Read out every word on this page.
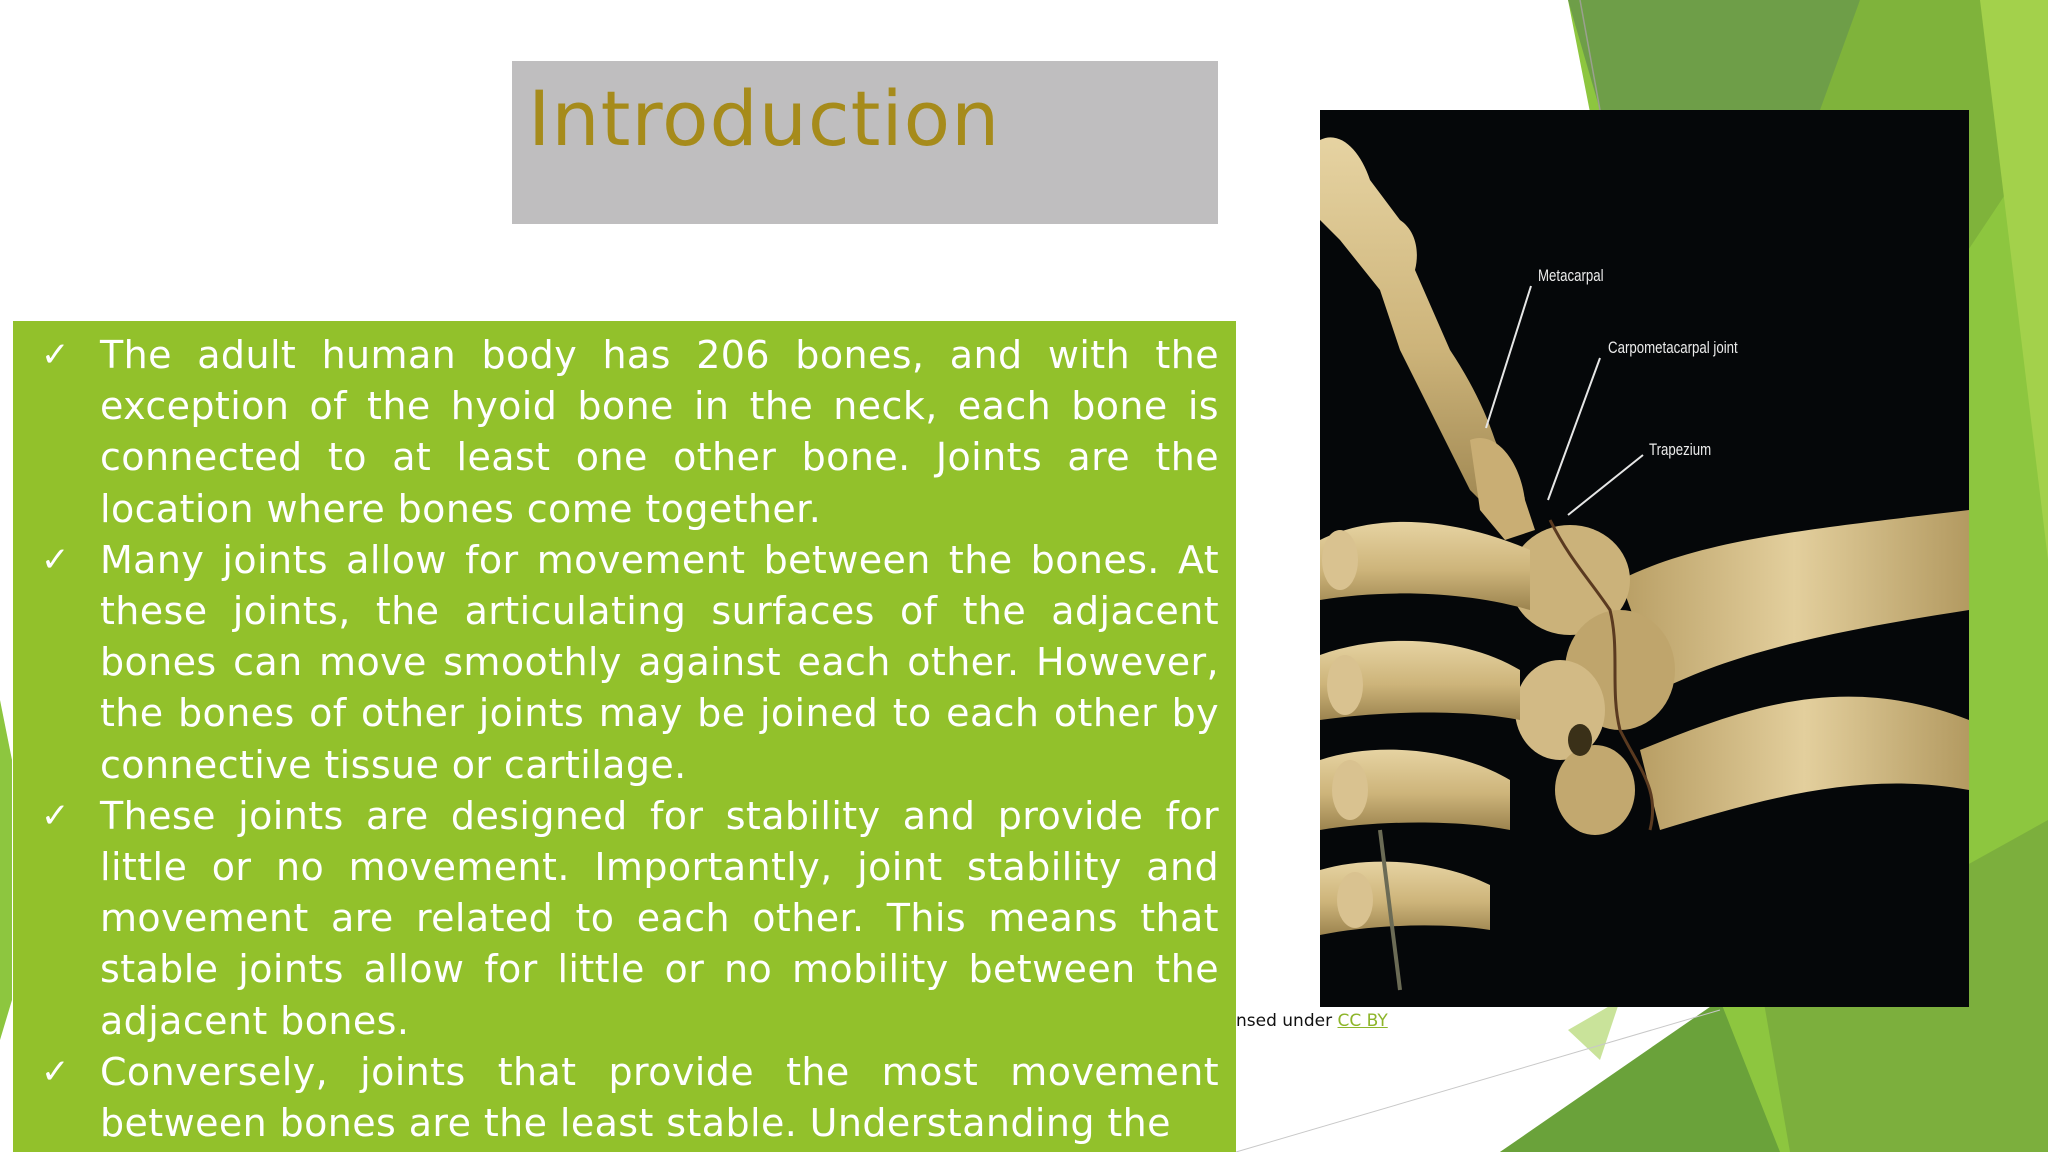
Introduction
✓ The adult human body has 206 bones, and with the exception of the hyoid bone in the neck, each bone is connected to at least one other bone. Joints are the location where bones come together.
✓ Many joints allow for movement between the bones. At these joints, the articulating surfaces of the adjacent bones can move smoothly against each other. However, the bones of other joints may be joined to each other by connective tissue or cartilage.
✓ These joints are designed for stability and provide for little or no movement. Importantly, joint stability and movement are related to each other. This means that stable joints allow for little or no mobility between the adjacent bones.
✓ Conversely, joints that provide the most movement between bones are the least stable. Understanding the
Metacarpal
Carpometacarpal joint
Trapezium
nsed under CC BY
